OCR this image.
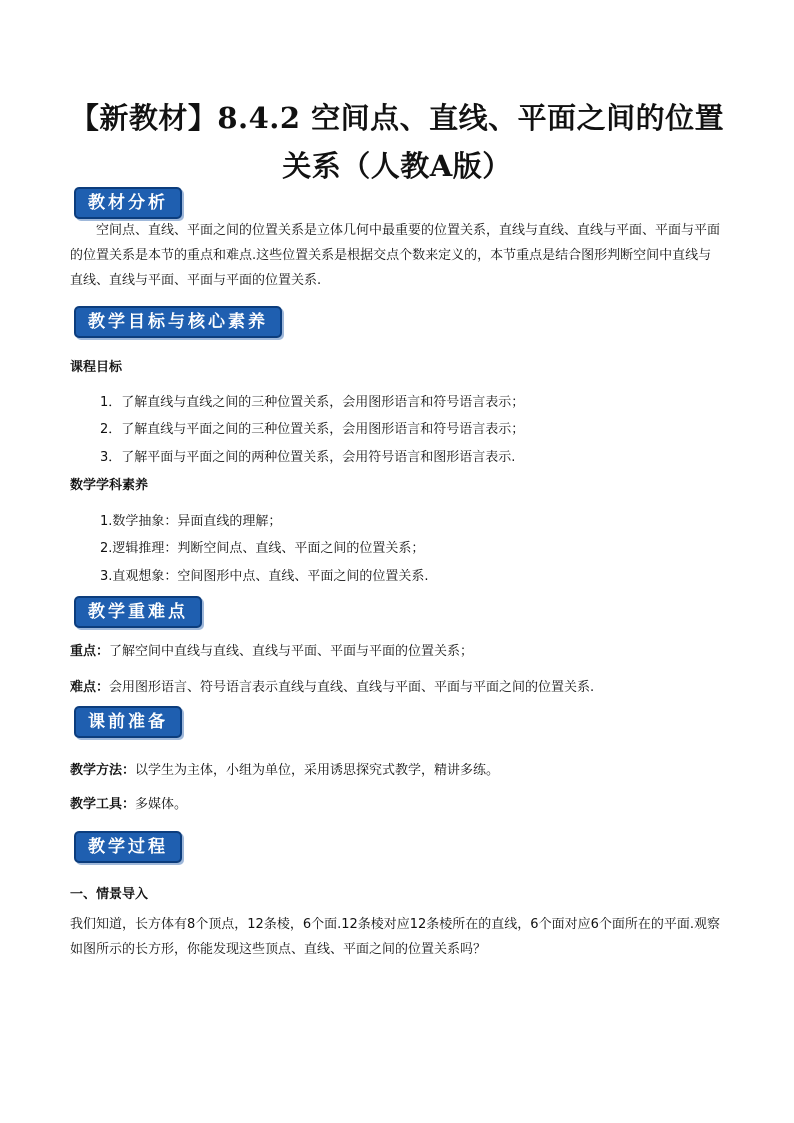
【新教材】8.4.2 空间点、直线、平面之间的位置关系（人教A版）
教材分析
空间点、直线、平面之间的位置关系是立体几何中最重要的位置关系，直线与直线、直线与平面、平面与平面的位置关系是本节的重点和难点.这些位置关系是根据交点个数来定义的，本节重点是结合图形判断空间中直线与直线、直线与平面、平面与平面的位置关系.
教学目标与核心素养
课程目标
1．了解直线与直线之间的三种位置关系，会用图形语言和符号语言表示；
2．了解直线与平面之间的三种位置关系，会用图形语言和符号语言表示；
3．了解平面与平面之间的两种位置关系，会用符号语言和图形语言表示.
数学学科素养
1.数学抽象：异面直线的理解；
2.逻辑推理：判断空间点、直线、平面之间的位置关系；
3.直观想象：空间图形中点、直线、平面之间的位置关系.
教学重难点
重点：了解空间中直线与直线、直线与平面、平面与平面的位置关系；
难点：会用图形语言、符号语言表示直线与直线、直线与平面、平面与平面之间的位置关系.
课前准备
教学方法：以学生为主体，小组为单位，采用诱思探究式教学，精讲多练。
教学工具：多媒体。
教学过程
一、情景导入
我们知道，长方体有8个顶点，12条棱，6个面.12条棱对应12条棱所在的直线，6个面对应6个面所在的平面.观察如图所示的长方形，你能发现这些顶点、直线、平面之间的位置关系吗？
